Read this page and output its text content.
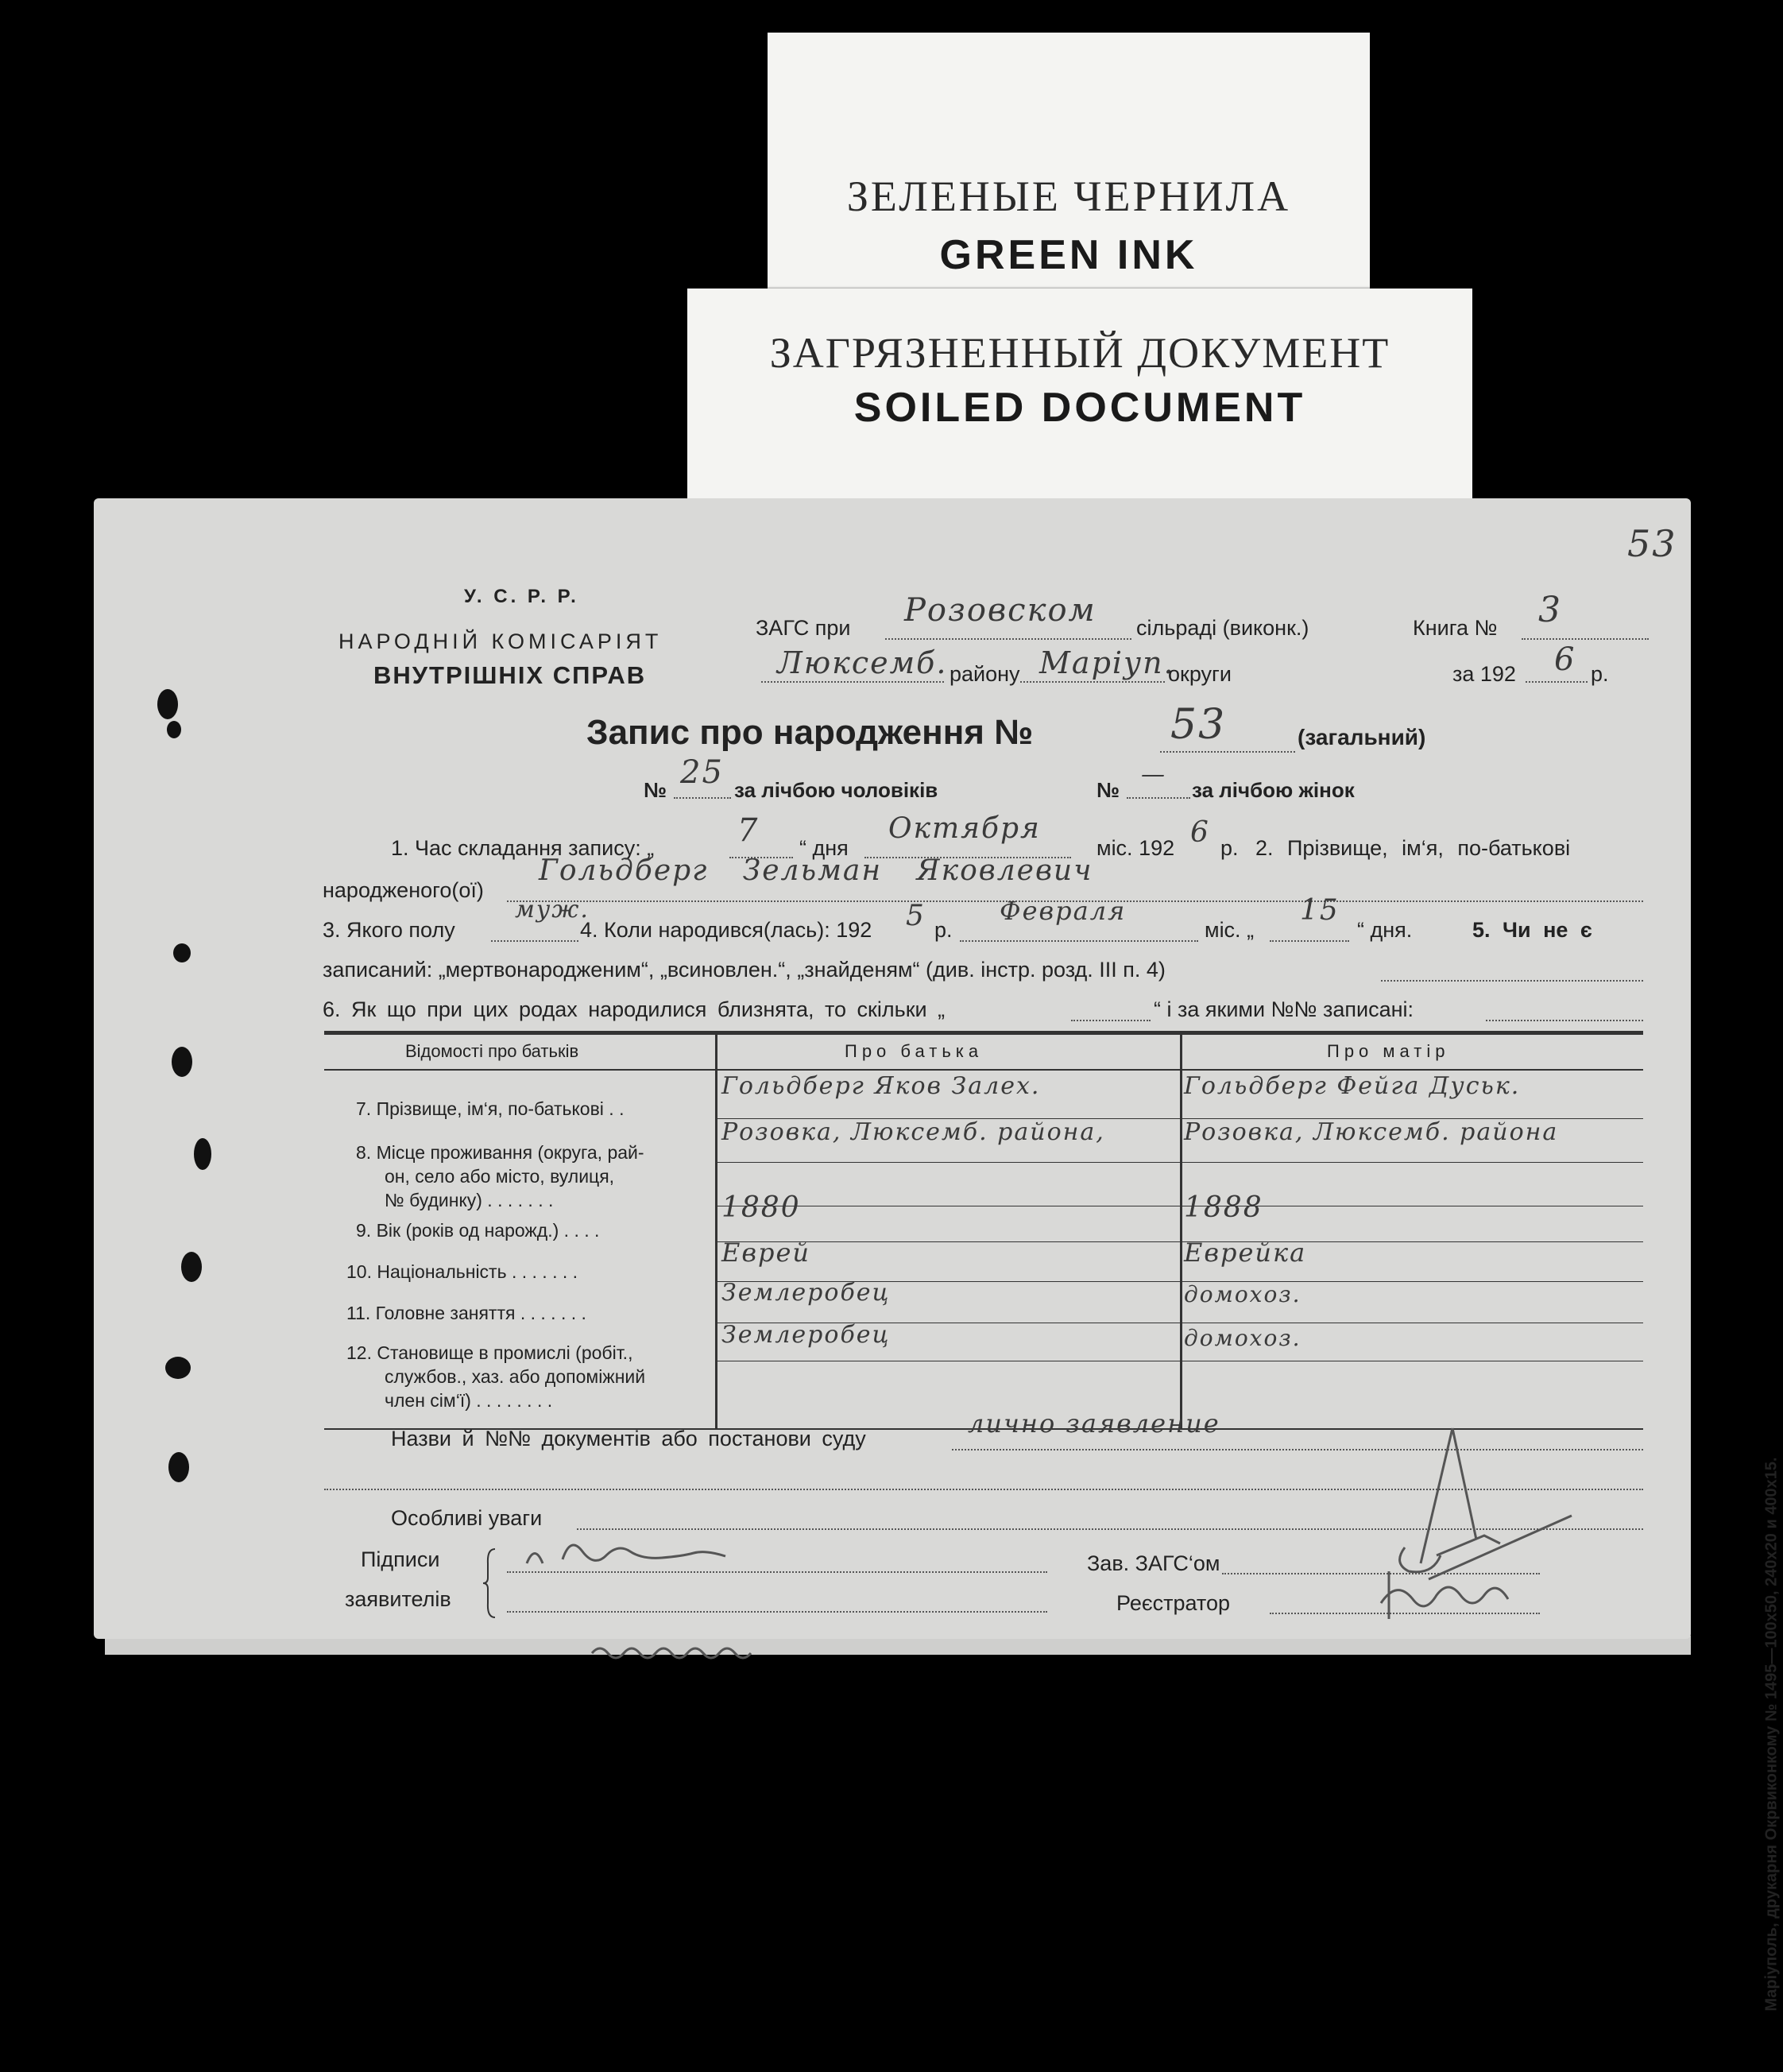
ЗЕЛЕНЫЕ ЧЕРНИЛА
GREEN INK
ЗАГРЯЗНЕННЫЙ ДОКУМЕНТ
SOILED DOCUMENT
53
У. С. Р. Р.
НАРОДНІЙ КОМІСАРІЯТ
ВНУТРІШНІХ СПРАВ
ЗАГС при Розовском сільраді (виконк.)	Книга № 3
Люксемб. району Маріуп.
округи	за 192 6 р.
Запис про народження №	53	(загальний)
№ 25 за лічбою чоловіків	№
—
за лічбою жінок
1. Час складання запису: „	7 “ дня
Октября
міс. 192 6 р. 2. Прізвище, ім‘я, по-батькові
народженого(ої)
Гольдберг Зельман Яковлевич
3. Якого полу
муж.
4. Коли народився(лась): 192 5 р.
Февраля
міс. „
15
“ дня.	5. Чи не є
записаний: „мертвонародженим“, „всиновлен.“, „знайденям“ (див. інстр. розд. III п. 4)
6. Як що при цих родах народилися близнята, то скільки „	“ і за якими №№ записані:
Відомості про батьків	Про батька	Про матір
7. Прізвище, ім‘я, по-батькові . .
Гольдберг Яков Залех.	Гольдберг Фейга Дуськ.
8. Місце проживання (округа, рай-
он, село або місто, вулиця,
№ будинку) . . . . . . .
Розовка, Люксемб. района,	Розовка, Люксемб. района
9. Вік (років од нарожд.) . . . .
1880	1888
10. Національність . . . . . . .
Еврей	Еврейка
11. Головне заняття . . . . . . .
Землеробец	домохоз.
12. Становище в промислі (робіт.,
службов., хаз. або допоміжний
член сім‘ї) . . . . . . . .
Землеробец	домохоз.
Назви й №№ документів або постанови суду	лично заявление
Особливі уваги
Підписи
заявителів
Зав. ЗАГС‘ом
Реєстратор	Маріуполь, друкарня Окрвиконкому № 1495—100х50, 240х20 и 400х15.
